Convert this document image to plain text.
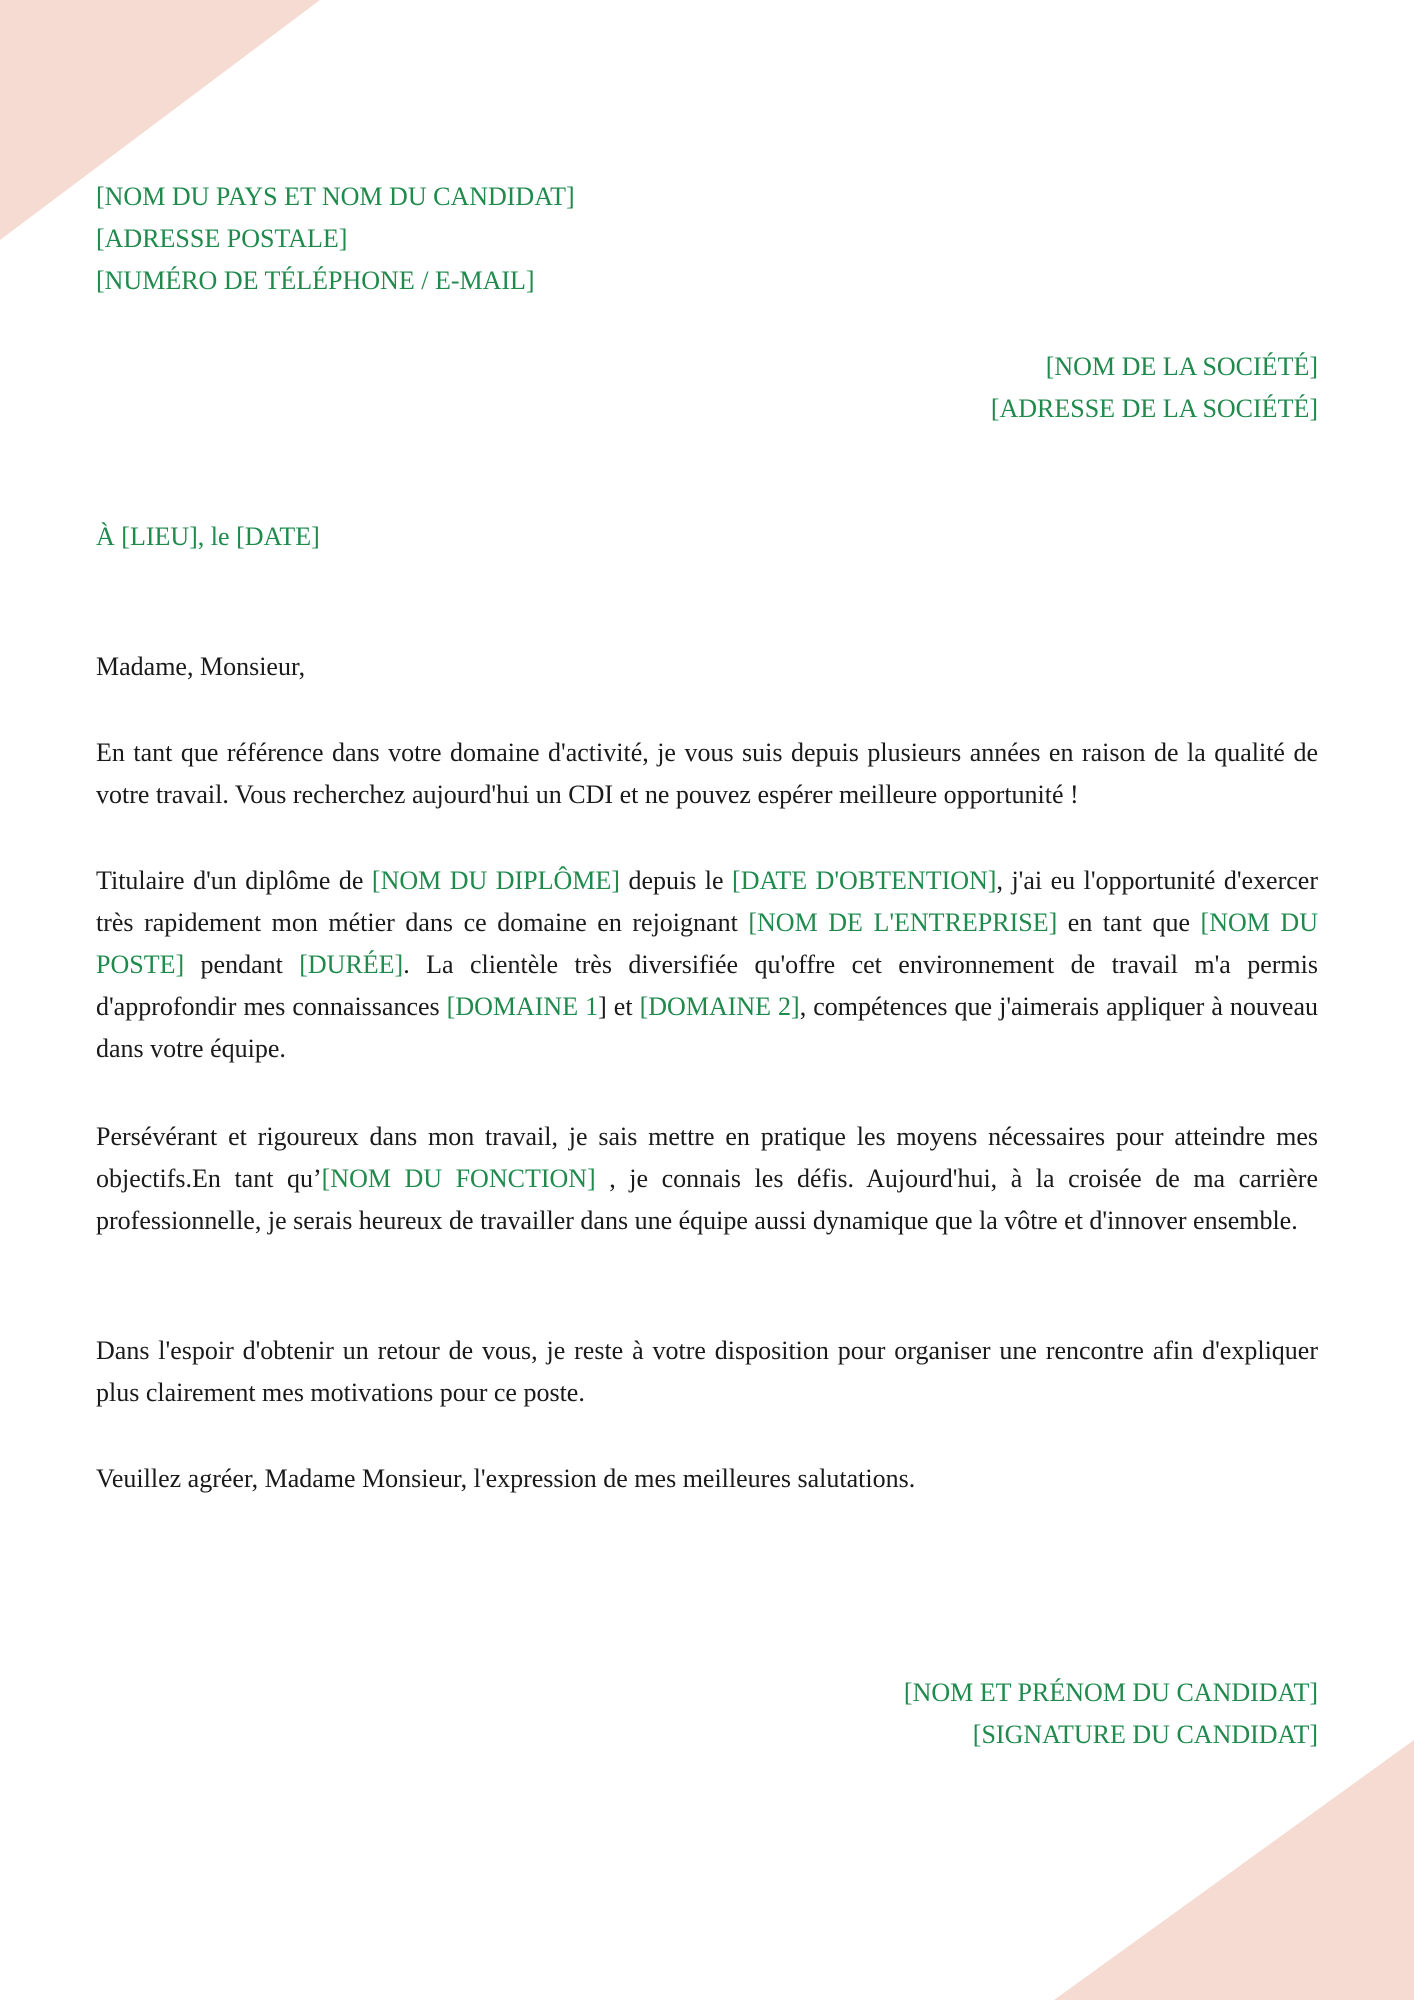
[NOM DU PAYS ET NOM DU CANDIDAT]
[ADRESSE POSTALE]
[NUMÉRO DE TÉLÉPHONE / E-MAIL]
[NOM DE LA SOCIÉTÉ]
[ADRESSE DE LA SOCIÉTÉ]
À [LIEU], le [DATE]
Madame, Monsieur,

En tant que référence dans votre domaine d'activité, je vous suis depuis plusieurs années en raison de la qualité de votre travail. Vous recherchez aujourd'hui un CDI et ne pouvez espérer meilleure opportunité !

Titulaire d'un diplôme de [NOM DU DIPLÔME] depuis le [DATE D'OBTENTION], j'ai eu l'opportunité d'exercer très rapidement mon métier dans ce domaine en rejoignant [NOM DE L'ENTREPRISE] en tant que [NOM DU POSTE] pendant [DURÉE]. La clientèle très diversifiée qu'offre cet environnement de travail m'a permis d'approfondir mes connaissances [DOMAINE 1] et [DOMAINE 2], compétences que j'aimerais appliquer à nouveau dans votre équipe.

Persévérant et rigoureux dans mon travail, je sais mettre en pratique les moyens nécessaires pour atteindre mes objectifs.En tant qu’[NOM DU FONCTION] , je connais les défis. Aujourd'hui, à la croisée de ma carrière professionnelle, je serais heureux de travailler dans une équipe aussi dynamique que la vôtre et d'innover ensemble.

Dans l'espoir d'obtenir un retour de vous, je reste à votre disposition pour organiser une rencontre afin d'expliquer plus clairement mes motivations pour ce poste.

Veuillez agréer, Madame Monsieur, l'expression de mes meilleures salutations.
[NOM ET PRÉNOM DU CANDIDAT]
[SIGNATURE DU CANDIDAT]
